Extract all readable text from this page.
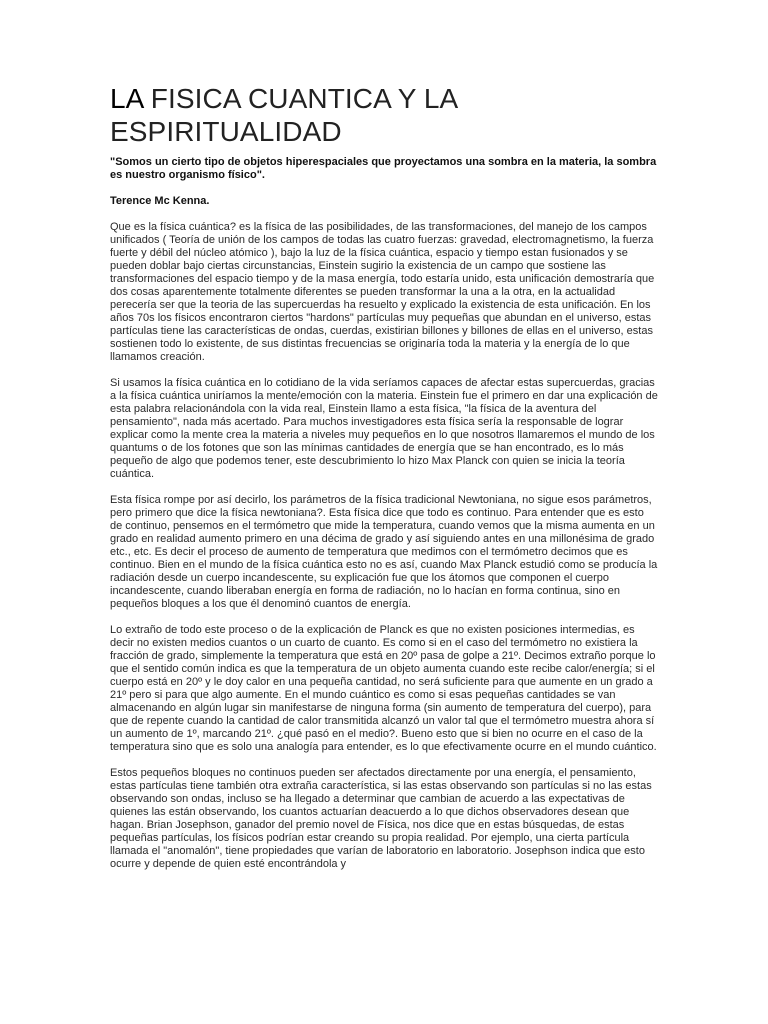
LA FISICA CUANTICA Y LA ESPIRITUALIDAD

"Somos un cierto tipo de objetos hiperespaciales que proyectamos una sombra en la materia, la sombra es nuestro organismo físico".

Terence Mc Kenna.

Que es la física cuántica? es la física de las posibilidades, de las transformaciones, del manejo de los campos unificados ( Teoría de unión de los campos de todas las cuatro fuerzas: gravedad, electromagnetismo, la fuerza fuerte y débil del núcleo atómico ), bajo la luz de la física cuántica, espacio y tiempo estan fusionados y se pueden doblar bajo ciertas circunstancias, Einstein sugirio la existencia de un campo que sostiene las transformaciones del espacio tiempo y de la masa energía, todo estaría unido, esta unificación demostraría que dos cosas aparentemente totalmente diferentes se pueden transformar la una a la otra, en la actualidad perecería ser que la teoria de las supercuerdas ha resuelto y explicado la existencia de esta unificación. En los años 70s los físicos encontraron ciertos "hardons" partículas muy pequeñas que abundan en el universo, estas partículas tiene las características de ondas, cuerdas, existirian billones y billones de ellas en el universo, estas sostienen todo lo existente, de sus distintas frecuencias se originaría toda la materia y la energía de lo que llamamos creación.

Si usamos la física cuántica en lo cotidiano de la vida seríamos capaces de afectar estas supercuerdas, gracias a la física cuántica uniríamos la mente/emoción con la materia. Einstein fue el primero en dar una explicación de esta palabra relacionándola con la vida real, Einstein llamo a esta física, "la física de la aventura del pensamiento", nada más acertado. Para muchos investigadores esta física sería la responsable de lograr explicar como la mente crea la materia a niveles muy pequeños en lo que nosotros llamaremos el mundo de los quantums o de los fotones que son las mínimas cantidades de energía que se han encontrado, es lo más pequeño de algo que podemos tener, este descubrimiento lo hizo Max Planck con quien se inicia la teoría cuántica.

Esta física rompe por así decirlo, los parámetros de la física tradicional Newtoniana, no sigue esos parámetros, pero primero que dice la física newtoniana?. Esta física dice que todo es continuo. Para entender que es esto de continuo, pensemos en el termómetro que mide la temperatura, cuando vemos que la misma aumenta en un grado en realidad aumento primero en una décima de grado y así siguiendo antes en una millonésima de grado etc., etc. Es decir el proceso de aumento de temperatura que medimos con el termómetro decimos que es continuo. Bien en el mundo de la física cuántica esto no es así, cuando Max Planck estudió como se producía la radiación desde un cuerpo incandescente, su explicación fue que los átomos que componen el cuerpo incandescente, cuando liberaban energía en forma de radiación, no lo hacían en forma continua, sino en pequeños bloques a los que él denominó cuantos de energía.

Lo extraño de todo este proceso o de la explicación de Planck es que no existen posiciones intermedias, es decir no existen medios cuantos o un cuarto de cuanto. Es como si en el caso del termómetro no existiera la fracción de grado, simplemente la temperatura que está en 20º pasa de golpe a 21º. Decimos extraño porque lo que el sentido común indica es que la temperatura de un objeto aumenta cuando este recibe calor/energía; si el cuerpo está en 20º y le doy calor en una pequeña cantidad, no será suficiente para que aumente en un grado a 21º pero si para que algo aumente. En el mundo cuántico es como si esas pequeñas cantidades se van almacenando en algún lugar sin manifestarse de ninguna forma (sin aumento de temperatura del cuerpo), para que de repente cuando la cantidad de calor transmitida alcanzó un valor tal que el termómetro muestra ahora sí un aumento de 1º, marcando 21º. ¿qué pasó en el medio?. Bueno esto que si bien no ocurre en el caso de la temperatura sino que es solo una analogía para entender, es lo que efectivamente ocurre en el mundo cuántico.

Estos pequeños bloques no continuos pueden ser afectados directamente por una energía, el pensamiento, estas partículas tiene también otra extraña característica, si las estas observando son partículas si no las estas observando son ondas, incluso se ha llegado a determinar que cambian de acuerdo a las expectativas de quienes las están observando, los cuantos actuarían deacuerdo a lo que dichos observadores desean que hagan. Brian Josephson, ganador del premio novel de Física, nos dice que en estas búsquedas, de estas pequeñas partículas, los físicos podrían estar creando su propia realidad. Por ejemplo, una cierta partícula llamada el "anomalón", tiene propiedades que varían de laboratorio en laboratorio. Josephson indica que esto ocurre y depende de quien esté encontrándola y
